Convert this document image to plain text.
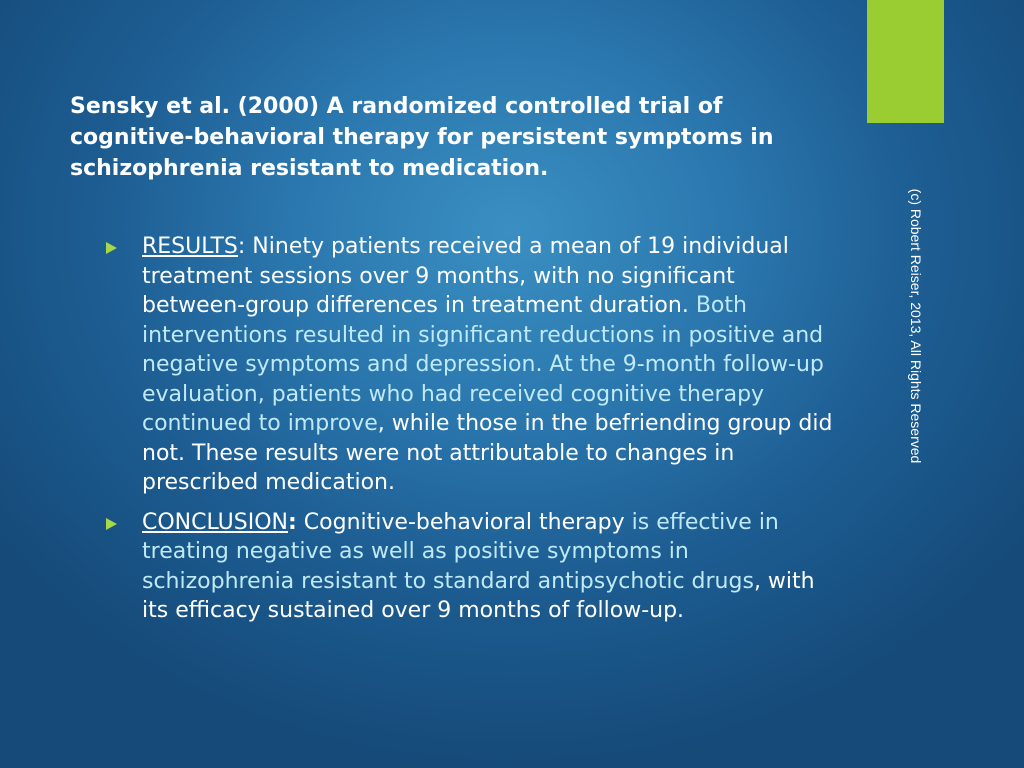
Sensky et al. (2000) A randomized controlled trial of cognitive-behavioral therapy for persistent symptoms in schizophrenia resistant to medication.
(c) Robert Reiser, 2013, All Rights Reserved
RESULTS: Ninety patients received a mean of 19 individual treatment sessions over 9 months, with no significant between-group differences in treatment duration. Both interventions resulted in significant reductions in positive and negative symptoms and depression. At the 9-month follow-up evaluation, patients who had received cognitive therapy continued to improve, while those in the befriending group did not. These results were not attributable to changes in prescribed medication.
CONCLUSION: Cognitive-behavioral therapy is effective in treating negative as well as positive symptoms in schizophrenia resistant to standard antipsychotic drugs, with its efficacy sustained over 9 months of follow-up.
